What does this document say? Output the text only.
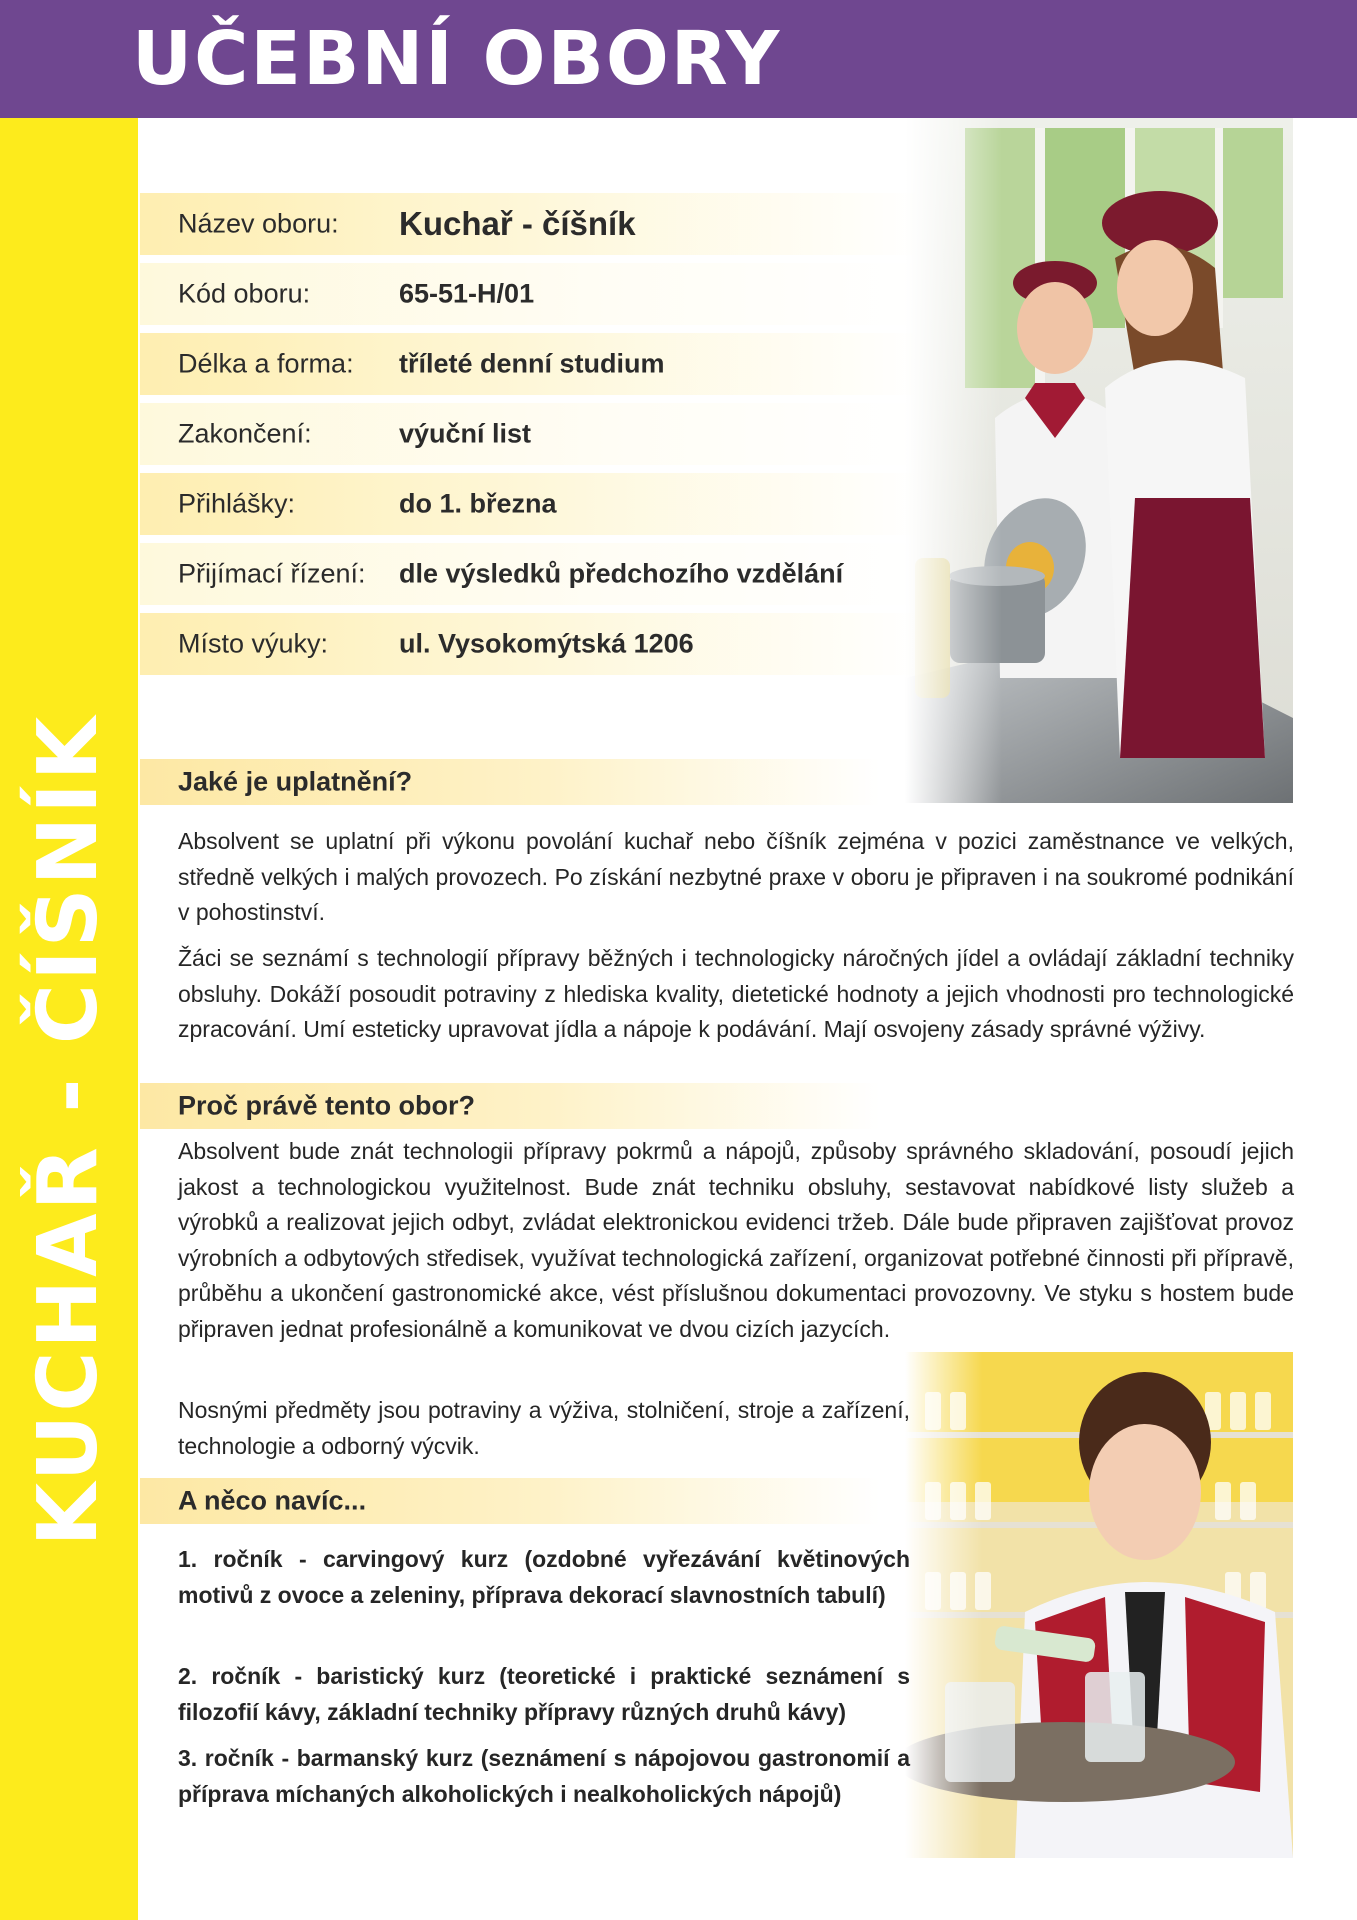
UČEBNÍ OBORY
KUCHAŘ - ČÍŠNÍK
Název oboru: Kuchař - číšník
Kód oboru:	65-51-H/01
Délka a forma: tříleté denní studium
Zakončení:	výuční list
Přihlášky:	do 1. března
Přijímací řízení: dle výsledků předchozího vzdělání
Místo výuky:	ul. Vysokomýtská 1206
Jaké je uplatnění?

Absolvent se uplatní při výkonu povolání kuchař nebo číšník zejména v pozici zaměstnance ve velkých, středně velkých i malých provozech. Po získání nezbytné praxe v oboru je připraven i na soukromé podnikání v pohostinství.

Žáci se seznámí s technologií přípravy běžných i technologicky náročných jídel a ovládají základní techniky obsluhy. Dokáží posoudit potraviny z hlediska kvality, dietetické hodnoty a jejich vhodnosti pro technologické zpracování. Umí esteticky upravovat jídla a nápoje k podávání. Mají osvojeny zásady správné výživy.

Proč právě tento obor?

Absolvent bude znát technologii přípravy pokrmů a nápojů, způsoby správného skladování, posoudí jejich jakost a technologickou využitelnost. Bude znát techniku obsluhy, sestavovat nabídkové listy služeb a výrobků a realizovat jejich odbyt, zvládat elektronickou evidenci tržeb. Dále bude připraven zajišťovat provoz výrobních a odbytových středisek, využívat technologická zařízení, organizovat potřebné činnosti při přípravě, průběhu a ukončení gastronomické akce, vést příslušnou dokumentaci provozovny. Ve styku s hostem bude připraven jednat profesionálně a komunikovat ve dvou cizích jazycích.

Nosnými předměty jsou potraviny a výživa, stolničení, stroje a zařízení, technologie a odborný výcvik.

A něco navíc...

1. ročník - carvingový kurz (ozdobné vyřezávání květinových motivů z ovoce a zeleniny, příprava dekorací slavnostních tabulí)

2. ročník - baristický kurz (teoretické i praktické seznámení s filozofií kávy, základní techniky přípravy různých druhů kávy)

3. ročník - barmanský kurz (seznámení s nápojovou gastronomií a příprava míchaných alkoholických i nealkoholických nápojů)
